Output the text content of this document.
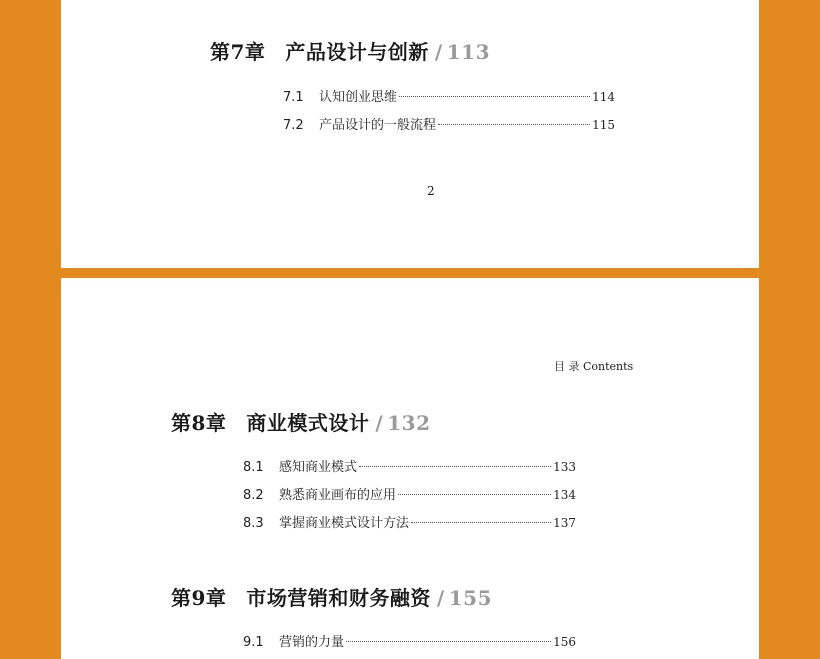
第7章 产品设计与创新 / 113
7.1	认知创业思维	114
7.2	产品设计的一般流程	115
2
目 录 Contents
第8章 商业模式设计 / 132
8.1	感知商业模式	133
8.2	熟悉商业画布的应用	134
8.3	掌握商业模式设计方法	137
第9章 市场营销和财务融资 / 155
9.1	营销的力量	156
